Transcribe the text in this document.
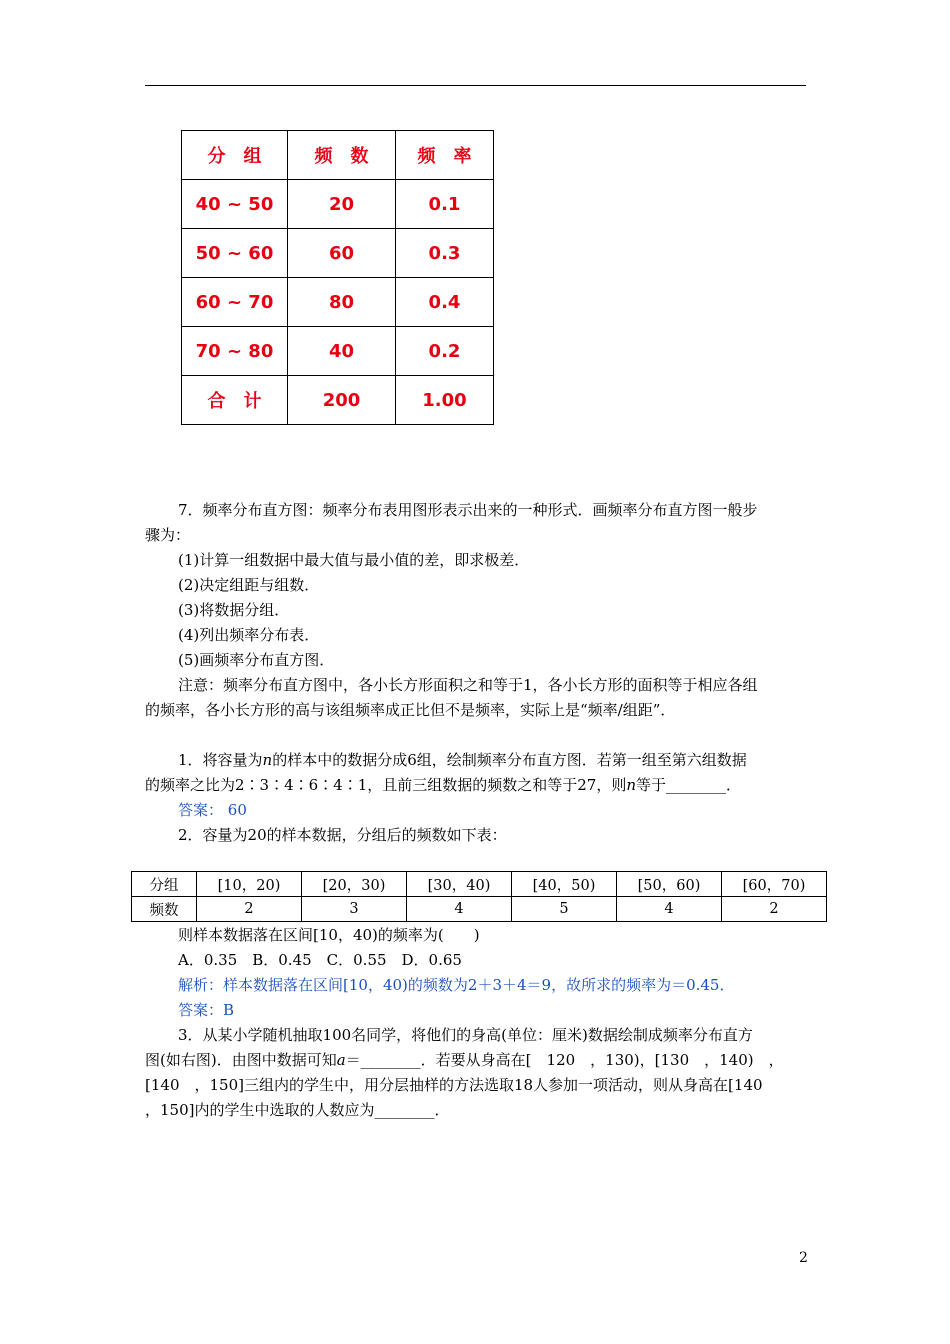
分　组	频　数	频　率
40 ~ 50	20	0.1
50 ~ 60	60	0.3
60 ~ 70	80	0.4
70 ~ 80	40	0.2
合　计	200	1.00
7．频率分布直方图：频率分布表用图形表示出来的一种形式．画频率分布直方图一般步
骤为：
(1)计算一组数据中最大值与最小值的差，即求极差．
(2)决定组距与组数．
(3)将数据分组．
(4)列出频率分布表．
(5)画频率分布直方图．
注意：频率分布直方图中，各小长方形面积之和等于1，各小长方形的面积等于相应各组
的频率，各小长方形的高与该组频率成正比但不是频率，实际上是“频率/组距”．
1．将容量为n的样本中的数据分成6组，绘制频率分布直方图．若第一组至第六组数据
的频率之比为2∶3∶4∶6∶4∶1，且前三组数据的频数之和等于27，则n等于________．
答案： 60
2．容量为20的样本数据，分组后的频数如下表：
分组	[10，20)	[20，30)	[30，40)	[40，50)	[50，60)	[60，70)
频数	2	3	4	5	4	2
则样本数据落在区间[10，40)的频率为(　　)
A．0.35　B．0.45　C．0.55　D．0.65
解析：样本数据落在区间[10，40)的频数为2＋3＋4＝9，故所求的频率为＝0.45．
答案：B
3．从某小学随机抽取100名同学，将他们的身高(单位：厘米)数据绘制成频率分布直方
图(如右图)．由图中数据可知a＝________．若要从身高在[　120　，130)，[130　，140)　，
[140　，150]三组内的学生中，用分层抽样的方法选取18人参加一项活动，则从身高在[140
，150]内的学生中选取的人数应为________．
2
